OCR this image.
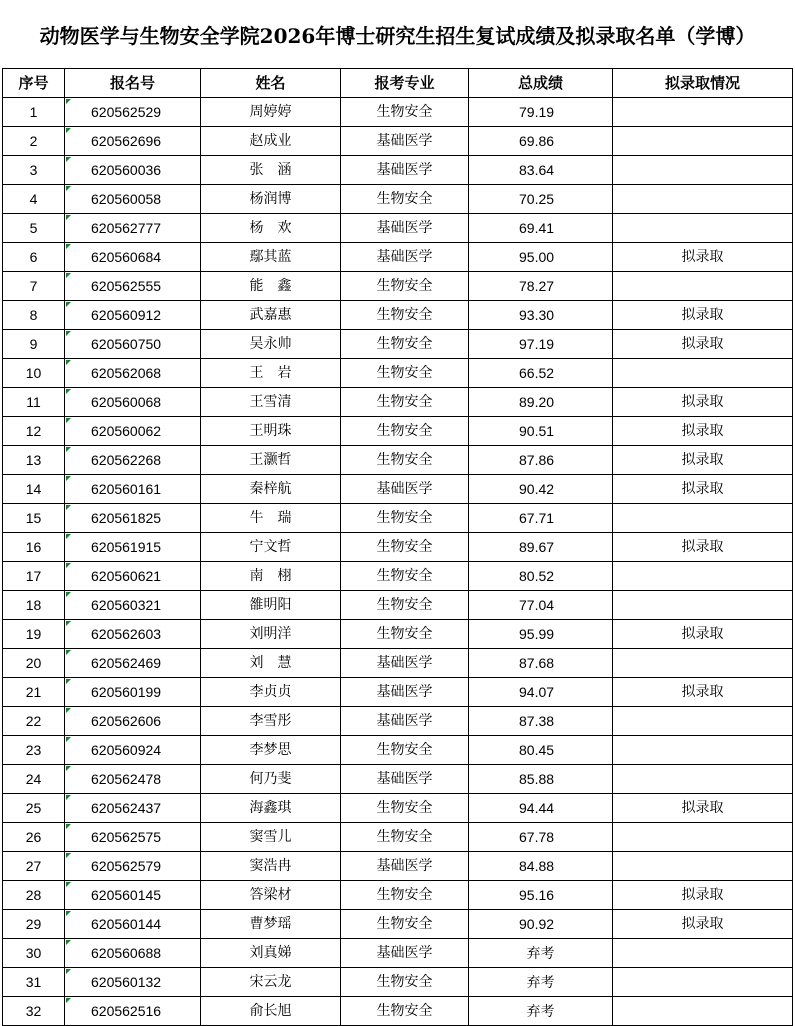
动物医学与生物安全学院2026年博士研究生招生复试成绩及拟录取名单（学博）
序号	报名号	姓名	报考专业	总成绩	拟录取情况
1	620562529	周婷婷	生物安全	79.19	
2	620562696	赵成业	基础医学	69.86	
3	620560036	张　涵	基础医学	83.64	
4	620560058	杨润博	生物安全	70.25	
5	620562777	杨　欢	基础医学	69.41	
6	620560684	鄢其蓝	基础医学	95.00	拟录取
7	620562555	能　鑫	生物安全	78.27	
8	620560912	武嘉惠	生物安全	93.30	拟录取
9	620560750	吴永帅	生物安全	97.19	拟录取
10	620562068	王　岩	生物安全	66.52	
11	620560068	王雪清	生物安全	89.20	拟录取
12	620560062	王明珠	生物安全	90.51	拟录取
13	620562268	王灏哲	生物安全	87.86	拟录取
14	620560161	秦梓航	基础医学	90.42	拟录取
15	620561825	牛　瑞	生物安全	67.71	
16	620561915	宁文哲	生物安全	89.67	拟录取
17	620560621	南　栩	生物安全	80.52	
18	620560321	雒明阳	生物安全	77.04	
19	620562603	刘明洋	生物安全	95.99	拟录取
20	620562469	刘　慧	基础医学	87.68	
21	620560199	李贞贞	基础医学	94.07	拟录取
22	620562606	李雪彤	基础医学	87.38	
23	620560924	李梦思	生物安全	80.45	
24	620562478	何乃斐	基础医学	85.88	
25	620562437	海鑫琪	生物安全	94.44	拟录取
26	620562575	窦雪儿	生物安全	67.78	
27	620562579	窦浩冉	基础医学	84.88	
28	620560145	答梁材	生物安全	95.16	拟录取
29	620560144	曹梦瑶	生物安全	90.92	拟录取
30	620560688	刘真娣	基础医学	弃考	
31	620560132	宋云龙	生物安全	弃考	
32	620562516	俞长旭	生物安全	弃考	
